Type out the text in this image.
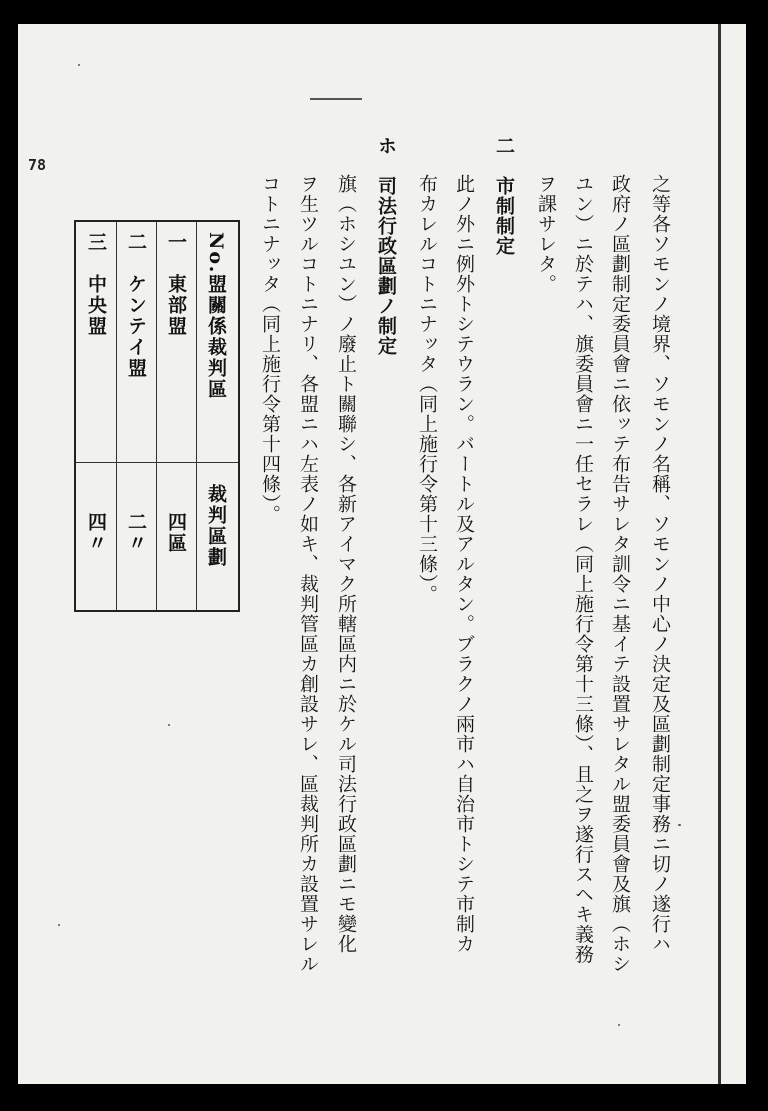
78
之等各ソモンノ境界、ソモンノ名稱、ソモンノ中心ノ決定及區劃制定事務ニ切ノ遂行ハ
政府ノ區劃制定委員會ニ依ッテ布告サレタ訓令ニ基イテ設置サレタル盟委員會及旗（ホシ
ユン）ニ於テハ、旗委員會ニ一任セラレ（同上施行令第十三條）、且之ヲ遂行スヘキ義務
ヲ課サレタ。
二　市制制定
此ノ外ニ例外トシテウラン。バートル及アルタン。ブラクノ兩市ハ自治市トシテ市制カ
布カレルコトニナッタ（同上施行令第十三條）。
ホ　司法行政區劃ノ制定
旗（ホシユン）ノ廢止ト關聯シ、各新アイマク所轄區内ニ於ケル司法行政區劃ニモ變化
ヲ生ツルコトニナリ、各盟ニハ左表ノ如キ、裁判管區カ創設サレ、區裁判所カ設置サレル
コトニナッタ（同上施行令第十四條）。
No.
盟關係裁判區
裁判區劃
一
東部盟
四區
二
ケンテイ盟
二〃
三
中央盟
四〃
